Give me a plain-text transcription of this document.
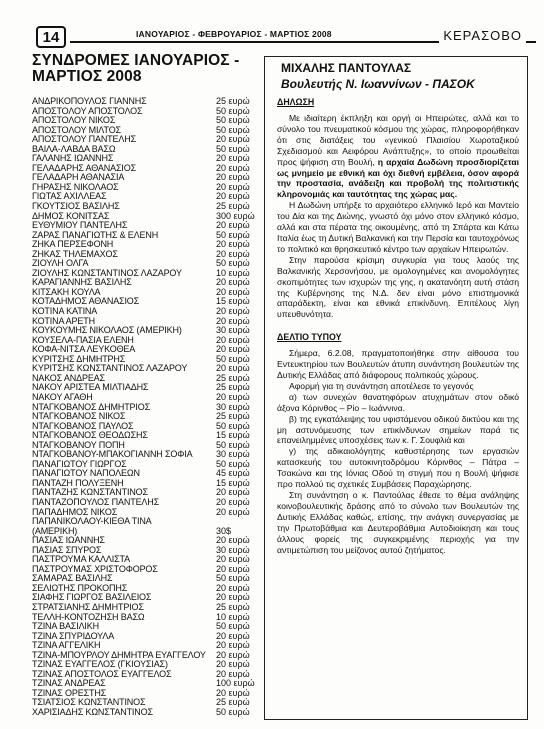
14	ΙΑΝΟΥΑΡΙΟΣ - ΦΕΒΡΟΥΑΡΙΟΣ - ΜΑΡΤΙΟΣ 2008	ΚΕΡΑΣΟΒΟ
ΣΥΝΔΡΟΜΕΣ ΙΑΝΟΥΑΡΙΟΣ -
ΜΑΡΤΙΟΣ 2008
ΑΝΔΡΙΚΟΠΟΥΛΟΣ ΓΙΑΝΝΗΣ	25 ευρώ
ΑΠΟΣΤΟΛΟΥ ΑΠΟΣΤΟΛΟΣ	50 ευρώ
ΑΠΟΣΤΟΛΟΥ ΝΙΚΟΣ	50 ευρώ
ΑΠΟΣΤΟΛΟΥ ΜΙΛΤΟΣ	50 ευρώ
ΑΠΟΣΤΟΛΟΥ ΠΑΝΤΕΛΗΣ	20 ευρώ
ΒΑΪΛΑ-ΛΑΒΔΑ ΒΑΣΩ	50 ευρώ
ΓΑΛΑΝΗΣ ΙΩΑΝΝΗΣ	20 ευρώ
ΓΕΛΑΔΑΡΗΣ ΑΘΑΝΑΣΙΟΣ	20 ευρώ
ΓΕΛΑΔΑΡΗ ΑΘΑΝΑΣΙΑ	20 ευρώ
ΓΗΡΑΣΗΣ ΝΙΚΟΛΑΟΣ	20 ευρώ
ΓΙΩΤΑΣ ΑΧΙΛΛΕΑΣ	20 ευρώ
ΓΚΟΥΤΣΙΟΣ ΒΑΣΙΛΗΣ	25 ευρώ
ΔΗΜΟΣ ΚΟΝΙΤΣΑΣ	300 ευρώ
ΕΥΘΥΜΙΟΥ ΠΑΝΤΕΛΗΣ	20 ευρώ
ΖΑΡΑΣ ΠΑΝΑΓΙΩΤΗΣ & ΕΛΕΝΗ	50 ευρώ
ΖΗΚΑ ΠΕΡΣΕΦΟΝΗ	20 ευρώ
ΖΗΚΑΣ ΤΗΛΕΜΑΧΟΣ	20 ευρώ
ΖΙΟΥΛΗ ΟΛΓΑ	50 ευρώ
ΖΙΟΥΛΗΣ ΚΩΝΣΤΑΝΤΙΝΟΣ ΛΑΖΑΡΟΥ	10 ευρώ
ΚΑΡΑΓΙΑΝΝΗΣ ΒΑΣΙΛΗΣ	20 ευρώ
ΚΙΤΣΑΚΗ ΚΟΥΛΑ	20 ευρώ
ΚΟΤΑΔΗΜΟΣ ΑΘΑΝΑΣΙΟΣ	15 ευρώ
ΚΟΤΙΝΑ ΚΑΤΙΝΑ	20 ευρώ
ΚΟΤΙΝΑ ΑΡΕΤΗ	20 ευρώ
ΚΟΥΚΟΥΜΗΣ ΝΙΚΟΛΑΟΣ (ΑΜΕΡΙΚΗ)	30 ευρώ
ΚΟΥΣΕΛΑ-ΠΑΣΙΑ ΕΛΕΝΗ	20 ευρώ
ΚΟΦΑ-ΝΙΤΣΑ ΛΕΥΚΟΘΕΑ	20 ευρώ
ΚΥΡΙΤΣΗΣ ΔΗΜΗΤΡΗΣ	50 ευρώ
ΚΥΡΙΤΣΗΣ ΚΩΝΣΤΑΝΤΙΝΟΣ ΛΑΖΑΡΟΥ	20 ευρώ
ΝΑΚΟΣ ΑΝΔΡΕΑΣ	25 ευρώ
ΝΑΚΟΥ ΑΡΙΣΤΕΑ ΜΙΛΤΙΑΔΗΣ	25 ευρώ
ΝΑΚΟΥ ΑΓΑΘΗ	20 ευρώ
ΝΤΑΓΚΟΒΑΝΟΣ ΔΗΜΗΤΡΙΟΣ	30 ευρώ
ΝΤΑΓΚΟΒΑΝΟΣ ΝΙΚΟΣ	25 ευρώ
ΝΤΑΓΚΟΒΑΝΟΣ ΠΑΥΛΟΣ	50 ευρώ
ΝΤΑΓΚΟΒΑΝΟΣ ΘΕΟΔΩΣΗΣ	15 ευρώ
ΝΤΑΓΚΟΒΑΝΟΥ ΠΟΠΗ	50 ευρώ
ΝΤΑΓΚΟΒΑΝΟΥ-ΜΠΑΚΟΓΙΑΝΝΗ ΣΟΦΙΑ	30 ευρώ
ΠΑΝΑΓΙΩΤΟΥ ΓΙΩΡΓΟΣ	50 ευρώ
ΠΑΝΑΓΙΩΤΟΥ ΝΑΠΟΛΕΩΝ	45 ευρώ
ΠΑΝΤΑΖΗ ΠΟΛΥΞΕΝΗ	15 ευρώ
ΠΑΝΤΑΖΗΣ ΚΩΝΣΤΑΝΤΙΝΟΣ	20 ευρώ
ΠΑΝΤΑΖΟΠΟΥΛΟΣ ΠΑΝΤΕΛΗΣ	20 ευρώ
ΠΑΠΑΔΗΜΟΣ ΝΙΚΟΣ	20 ευρώ
ΠΑΠΑΝΙΚΟΛΑΟΥ-ΚΙΕΘΑ ΤΙΝΑ
(ΑΜΕΡΙΚΗ)	30$
ΠΑΣΙΑΣ ΙΩΑΝΝΗΣ	20 ευρώ
ΠΑΣΙΑΣ ΣΠΥΡΟΣ	30 ευρώ
ΠΑΣΤΡΟΥΜΑ ΚΑΛΛΙΣΤΑ	20 ευρώ
ΠΑΣΤΡΟΥΜΑΣ ΧΡΙΣΤΟΦΟΡΟΣ	20 ευρώ
ΣΑΜΑΡΑΣ ΒΑΣΙΛΗΣ	50 ευρώ
ΣΕΛΙΩΤΗΣ ΠΡΟΚΟΠΗΣ	20 ευρώ
ΣΙΑΦΗΣ ΓΙΩΡΓΟΣ ΒΑΣΙΛΕΙΟΣ	20 ευρώ
ΣΤΡΑΤΣΙΑΝΗΣ ΔΗΜΗΤΡΙΟΣ	25 ευρώ
ΤΕΛΛΗ-ΚΟΝΤΟΖΗΣΗ ΒΑΣΩ	10 ευρώ
ΤΖΙΝΑ ΒΑΣΙΛΙΚΗ	50 ευρώ
ΤΖΙΝΑ ΣΠΥΡΙΔΟΥΛΑ	20 ευρώ
ΤΖΙΝΑ ΑΓΓΕΛΙΚΗ	20 ευρώ
ΤΖΙΝΑ-ΜΠΟΥΡΛΟΥ ΔΗΜΗΤΡΑ ΕΥΑΓΓΕΛΟΥ	20 ευρώ
ΤΖΙΝΑΣ ΕΥΑΓΓΕΛΟΣ (ΓΚΙΟΥΣΙΑΣ)	20 ευρώ
ΤΖΙΝΑΣ ΑΠΟΣΤΟΛΟΣ ΕΥΑΓΓΕΛΟΣ	20 ευρώ
ΤΖΙΝΑΣ ΑΝΔΡΕΑΣ	100 ευρώ
ΤΖΙΝΑΣ ΟΡΕΣΤΗΣ	20 ευρώ
ΤΣΙΑΤΣΙΟΣ ΚΩΝΣΤΑΝΤΙΝΟΣ	25 ευρώ
ΧΑΡΙΣΙΑΔΗΣ ΚΩΝΣΤΑΝΤΙΝΟΣ	50 ευρώ
ΜΙΧΑΛΗΣ ΠΑΝΤΟΥΛΑΣ
Βουλευτής Ν. Ιωαννίνων - ΠΑΣΟΚ
ΔΗΛΩΣΗ
Με ιδιαίτερη έκπληξη και οργή οι Ηπειρώτες, αλλά και το σύνολο του πνευματικού κόσμου της χώρας, πληροφορήθηκαν ότι στις διατάξεις του «γενικού Πλαισίου Χωροταξικού Σχεδιασμού και Αειφόρου Ανάπτυξης», το οποίο προωθείται προς ψήφιση στη Βουλή, η αρχαία Δωδώνη προσδιορίζεται ως μνημείο με εθνική και όχι διεθνή εμβέλεια, όσον αφορά την προστασία, ανάδειξη και προβολή της πολιτιστικής κληρονομιάς και ταυτότητας της χώρας μας.
Η Δωδώνη υπήρξε το αρχαιότερο ελληνικό Ιερό και Μαντείο του Δία και της Διώνης, γνωστό όχι μόνο στον ελληνικό κόσμο, αλλά και στα πέρατα της οικουμένης, από τη Σπάρτα και Κάτω Ιταλία έως τη Δυτική Βαλκανική και την Περσία και ταυτοχρόνως το πολιτικό και θρησκευτικό κέντρο των αρχαίων Ηπειρωτών.
Στην παρούσα κρίσιμη συγκυρία για τους λαούς της Βαλκανικής Χερσονήσου, με ομολογημένες και ανομολόγητες σκοπιμότητες των ισχυρών της γης, η ακατανόητη αυτή στάση της Κυβέρνησης της Ν.Δ. δεν είναι μόνο επιστημονικά απαράδεκτη, είναι και εθνικά επικίνδυνη. Επιτέλους λίγη υπευθυνότητα.
ΔΕΛΤΙΟ ΤΥΠΟΥ
Σήμερα, 6.2.08, πραγματοποιήθηκε στην αίθουσα του Εντευκτηρίου των Βουλευτών άτυπη συνάντηση βουλευτών της Δυτικής Ελλάδας από διάφορους πολιτικούς χώρους.
Αφορμή για τη συνάντηση αποτέλεσε το γεγονός
α) των συνεχών θανατηφόρων ατυχημάτων στον οδικό άξονα Κόρινθος – Ρίο – Ιωάννινα.
β) της εγκατάλειψης του υφιστάμενου οδικού δικτύου και της μη αστυνόμευσης των επικίνδυνων σημείων παρά τις επανειλημμένες υποσχέσεις των κ. Γ. Σουφλιά και
γ) της αδικαιολόγητης καθυστέρησης των εργασιών κατασκευής του αυτοκινητοδρόμου Κόρινθος – Πάτρα – Τσακώνα και της Ιόνιας Οδού τη στιγμή που η Βουλή ψήφισε προ πολλού τις σχετικές Συμβάσεις Παραχώρησης.
Στη συνάντηση ο κ. Παντούλας έθεσε το θέμα ανάληψης κοινοβουλευτικής δράσης από το σύνολο των Βουλευτών της Δυτικής Ελλάδας καθώς, επίσης, την ανάγκη συνεργασίας με την Πρωτοβάθμια και Δευτεροβάθμια Αυτοδιοίκηση και τους άλλους φορείς της συγκεκριμένης περιοχής για την αντιμετώπιση του μείζονος αυτού ζητήματος.
